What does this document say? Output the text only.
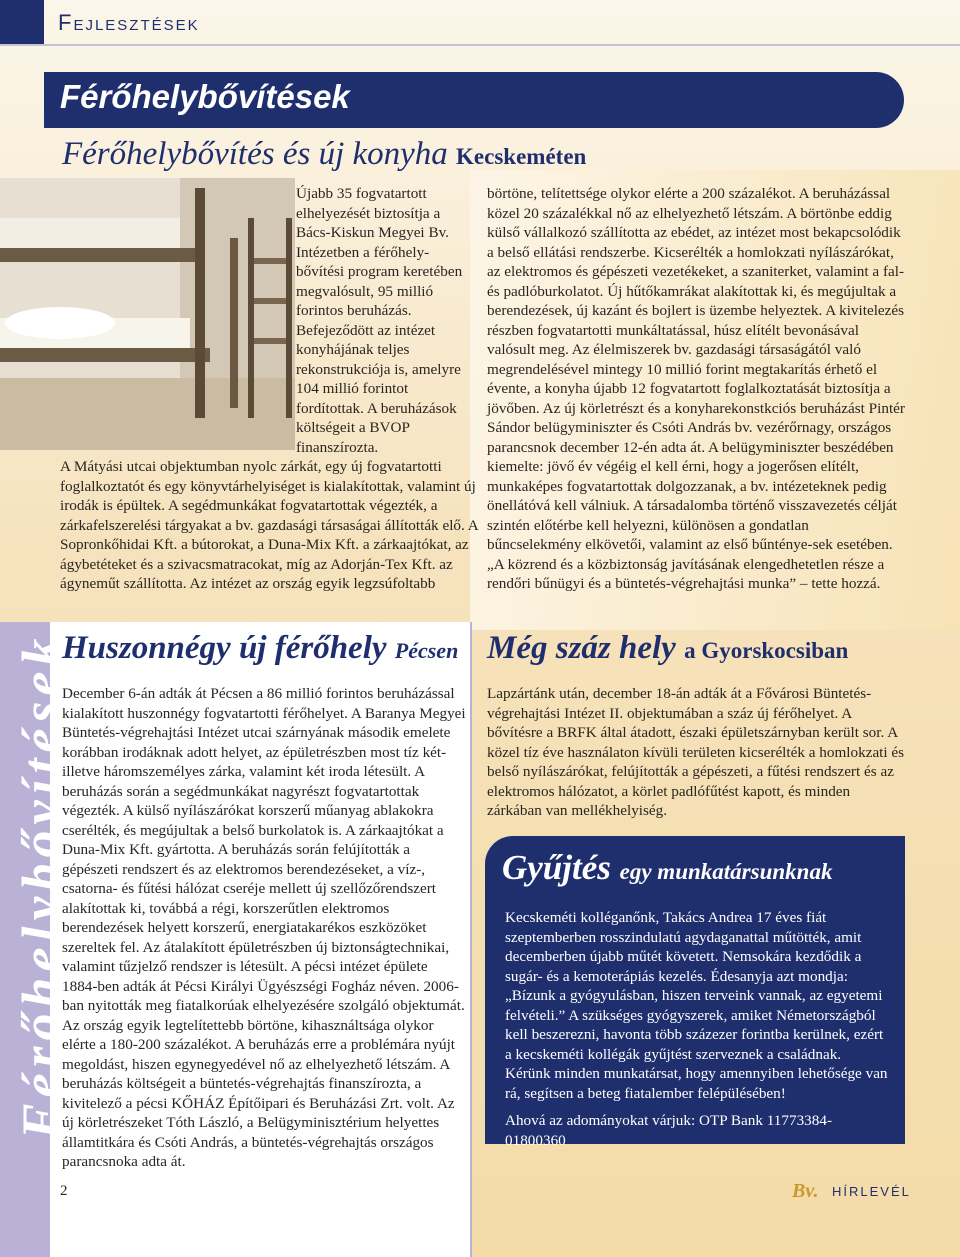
Fejlesztések
Férőhelybővítések
Férőhelybővítés és új konyha Kecskeméten
Újabb 35 fogvatartott elhelyezését biztosítja a Bács-Kiskun Megyei Bv. Intézetben a férőhely-bővítési program keretében megvalósult, 95 millió forintos beruházás. Befejeződött az intézet konyhájának teljes rekonstrukciója is, amelyre 104 millió forintot fordítottak. A beruházások költségeit a BVOP finanszírozta.
A Mátyási utcai objektumban nyolc zárkát, egy új fogvatartotti foglalkoztatót és egy könyvtárhelyiséget is kialakítottak, valamint új irodák is épültek. A segédmunkákat fogvatartottak végezték, a zárkafelszerelési tárgyakat a bv. gazdasági társaságai állították elő. A Sopronkőhidai Kft. a bútorokat, a Duna-Mix Kft. a zárkaajtókat, az ágybetéteket és a szivacsmatracokat, míg az Adorján-Tex Kft. az ágyneműt szállította. Az intézet az ország egyik legzsúfoltabb
börtöne, telítettsége olykor elérte a 200 százalékot. A beruházással közel 20 százalékkal nő az elhelyezhető létszám. A börtönbe eddig külső vállalkozó szállította az ebédet, az intézet most bekapcsolódik a belső ellátási rendszerbe. Kicserélték a homlokzati nyílászárókat, az elektromos és gépészeti vezetékeket, a szaniterket, valamint a fal- és padlóburkolatot. Új hűtőkamrákat alakítottak ki, és megújultak a berendezések, új kazánt és bojlert is üzembe helyeztek. A kivitelezés részben fogvatartotti munkáltatással, húsz elítélt bevonásával valósult meg. Az élelmiszerek bv. gazdasági társaságától való megrendelésével mintegy 10 millió forint megtakarítás érhető el évente, a konyha újabb 12 fogvatartott foglalkoztatását biztosítja a jövőben. Az új körletrészt és a konyharekonstkciós beruházást Pintér Sándor belügyminiszter és Csóti András bv. vezérőrnagy, országos parancsnok december 12-én adta át. A belügyminiszter beszédében kiemelte: jövő év végéig el kell érni, hogy a jogerősen elítélt, munkaképes fogvatartottak dolgozzanak, a bv. intézeteknek pedig önellátóvá kell válniuk. A társadalomba történő visszavezetés célját szintén előtérbe kell helyezni, különösen a gondatlan bűncselekmény elkövetői, valamint az első bűnténye-sek esetében. „A közrend és a közbiztonság javításának elengedhetetlen része a rendőri bűnügyi és a büntetés-végrehajtási munka” – tette hozzá.
Férőhelybővítések
Huszonnégy új férőhely Pécsen
December 6-án adták át Pécsen a 86 millió forintos beruházással kialakított huszonnégy fogvatartotti férőhelyet. A Baranya Megyei Büntetés-végrehajtási Intézet utcai szárnyának második emelete korábban irodáknak adott helyet, az épületrészben most tíz két- illetve háromszemélyes zárka, valamint két iroda létesült. A beruházás során a segédmunkákat nagyrészt fogvatartottak végezték. A külső nyílászárókat korszerű műanyag ablakokra cserélték, és megújultak a belső burkolatok is. A zárkaajtókat a Duna-Mix Kft. gyártotta. A beruházás során felújították a gépészeti rendszert és az elektromos berendezéseket, a víz-, csatorna- és fűtési hálózat cseréje mellett új szellőzőrendszert alakítottak ki, továbbá a régi, korszerűtlen elektromos berendezések helyett korszerű, energiatakarékos eszközöket szereltek fel. Az átalakított épületrészben új biztonságtechnikai, valamint tűzjelző rendszer is létesült. A pécsi intézet épülete 1884-ben adták át Pécsi Királyi Ügyészségi Fogház néven. 2006-ban nyitották meg fiatalkorúak elhelyezésére szolgáló objektumát. Az ország egyik legtelítettebb börtöne, kihasználtsága olykor elérte a 180-200 százalékot. A beruházás erre a problémára nyújt megoldást, hiszen egynegyedével nő az elhelyezhető létszám. A beruházás költségeit a büntetés-végrehajtás finanszírozta, a kivitelező a pécsi KŐHÁZ Építőipari és Beruházási Zrt. volt. Az új körletrészeket Tóth László, a Belügyminisztérium helyettes államtitkára és Csóti András, a büntetés-végrehajtás országos parancsnoka adta át.
Még száz hely a Gyorskocsiban
Lapzártánk után, december 18-án adták át a Fővárosi Büntetés-végrehajtási Intézet II. objektumában a száz új férőhelyet. A bővítésre a BRFK által átadott, északi épületszárnyban került sor. A közel tíz éve használaton kívüli területen kicserélték a homlokzati és belső nyílászárókat, felújították a gépészeti, a fűtési rendszert és az elektromos hálózatot, a körlet padlófűtést kapott, és minden zárkában van mellékhelyiség.
Gyűjtés egy munkatársunknak

Kecskeméti kolléganőnk, Takács Andrea 17 éves fiát szeptemberben rosszindulatú agydaganattal műtötték, amit decemberben újabb műtét követett. Nemsokára kezdődik a sugár- és a kemoterápiás kezelés. Édesanyja azt mondja: „Bízunk a gyógyulásban, hiszen terveink vannak, az egyetemi felvételi.” A szükséges gyógyszerek, amiket Németországból kell beszerezni, havonta több százezer forintba kerülnek, ezért a kecskeméti kollégák gyűjtést szerveznek a családnak. Kérünk minden munkatársat, hogy amennyiben lehetősége van rá, segítsen a beteg fiatalember felépülésében!

Ahová az adományokat várjuk: OTP Bank 11773384-01800360

2	Bv. HÍRLEVÉL
